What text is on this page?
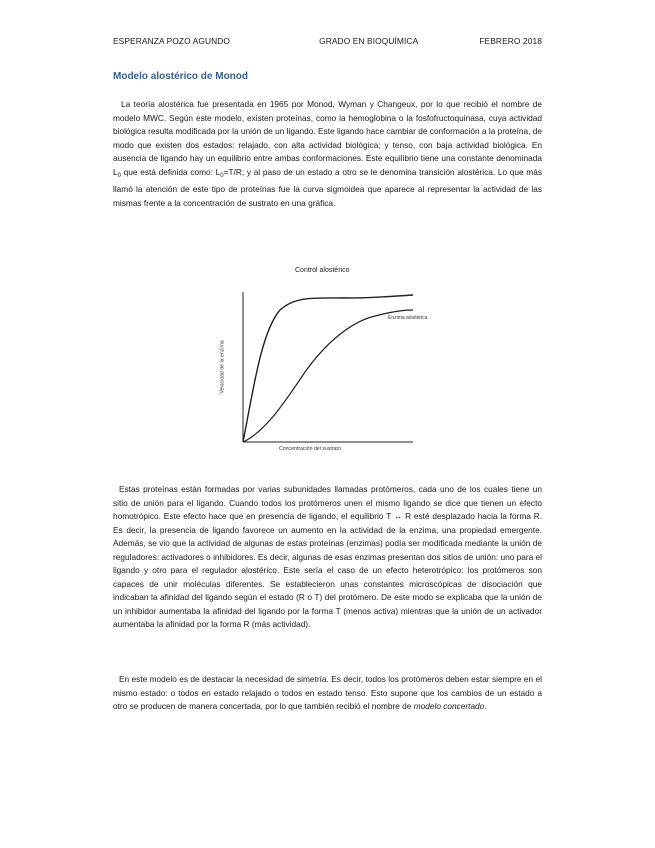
ESPERANZA POZO AGUNDO	GRADO EN BIOQUÍMICA	FEBRERO 2018
Modelo alostérico de Monod

La teoría alostérica fue presentada en 1965 por Monod, Wyman y Changeux, por lo que recibió el nombre de modelo MWC. Según este modelo, existen proteínas, como la hemoglobina o la fosfofructoquinasa, cuya actividad biológica resulta modificada por la unión de un ligando. Este ligando hace cambiar de conformación a la proteína, de modo que existen dos estados: relajado, con alta actividad biológica; y tenso, con baja actividad biológica. En ausencia de ligando hay un equilibrio entre ambas conformaciones. Este equilibrio tiene una constante denominada $L_0$ que está definida como: $L_0=T/R$; y al paso de un estado a otro se le denomina transición alostérica. Lo que más llamó la atención de este tipo de proteínas fue la curva sigmoidea que aparece al representar la actividad de las mismas frente a la concentración de sustrato en una gráfica.

Control alostérico
Velocidad de la enzima
Concentración del sustrato
Enzima alostérica

Estas proteínas están formadas por varias subunidades llamadas protómeros, cada uno de los cuales tiene un sitio de unión para el ligando. Cuando todos los protómeros unen el mismo ligando se dice que tienen un efecto homotrópico. Este efecto hace que en presencia de ligando, el equilibrio T ↔ R esté desplazado hacia la forma R. Es decir, la presencia de ligando favorece un aumento en la actividad de la enzima, una propiedad emergente. Además, se vio que la actividad de algunas de estas proteínas (enzimas) podía ser modificada mediante la unión de reguladores: activadores o inhibidores. Es decir, algunas de esas enzimas presentan dos sitios de unión: uno para el ligando y otro para el regulador alostérico. Este sería el caso de un efecto heterotrópico: los protómeros son capaces de unir moléculas diferentes. Se establecieron unas constantes microscópicas de disociación que indicaban la afinidad del ligando según el estado (R o T) del protómero. De este modo se explicaba que la unión de un inhibidor aumentaba la afinidad del ligando por la forma T (menos activa) mientras que la unión de un activador aumentaba la afinidad por la forma R (más actividad).

En este modelo es de destacar la necesidad de simetría. Es decir, todos los protómeros deben estar siempre en el mismo estado: o todos en estado relajado o todos en estado tenso. Esto supone que los cambios de un estado a otro se producen de manera concertada, por lo que también recibió el nombre de modelo concertado.
